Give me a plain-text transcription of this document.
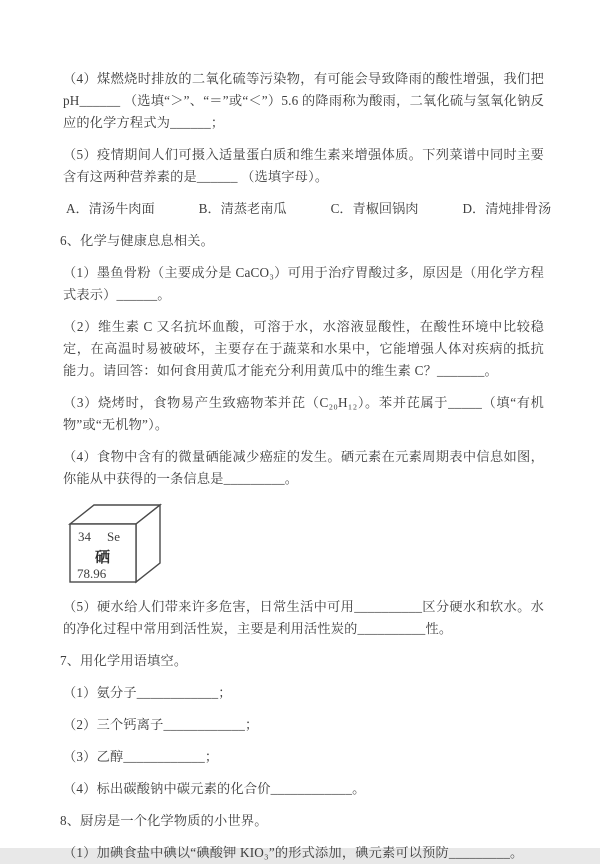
（4）煤燃烧时排放的二氧化硫等污染物，有可能会导致降雨的酸性增强，我们把 pH______ （选填“＞”、“＝”或“＜”）5.6 的降雨称为酸雨，二氧化硫与氢氧化钠反应的化学方程式为______；

（5）疫情期间人们可摄入适量蛋白质和维生素来增强体质。下列菜谱中同时主要含有这两种营养素的是______ （选填字母）。

A．清汤牛肉面	B．清蒸老南瓜	C．青椒回锅肉	D．清炖排骨汤

6、化学与健康息息相关。

（1）墨鱼骨粉（主要成分是 CaCO₃）可用于治疗胃酸过多，原因是（用化学方程式表示）______。

（2）维生素 C 又名抗坏血酸，可溶于水，水溶液显酸性，在酸性环境中比较稳定，在高温时易被破坏，主要存在于蔬菜和水果中，它能增强人体对疾病的抵抗能力。请回答：如何食用黄瓜才能充分利用黄瓜中的维生素 C？_______。

（3）烧烤时，食物易产生致癌物苯并芘（C₂₀H₁₂）。苯并芘属于_____（填“有机物”或“无机物”）。

（4）食物中含有的微量硒能减少癌症的发生。硒元素在元素周期表中信息如图，你能从中获得的一条信息是_________。

34 Se
硒
78.96

（5）硬水给人们带来许多危害，日常生活中可用__________区分硬水和软水。水的净化过程中常用到活性炭，主要是利用活性炭的__________性。

7、用化学用语填空。

（1）氨分子____________；

（2）三个钙离子____________；

（3）乙醇____________；

（4）标出碳酸钠中碳元素的化合价____________。

8、厨房是一个化学物质的小世界。

（1）加碘食盐中碘以“碘酸钾 KIO₃”的形式添加，碘元素可以预防_________。
